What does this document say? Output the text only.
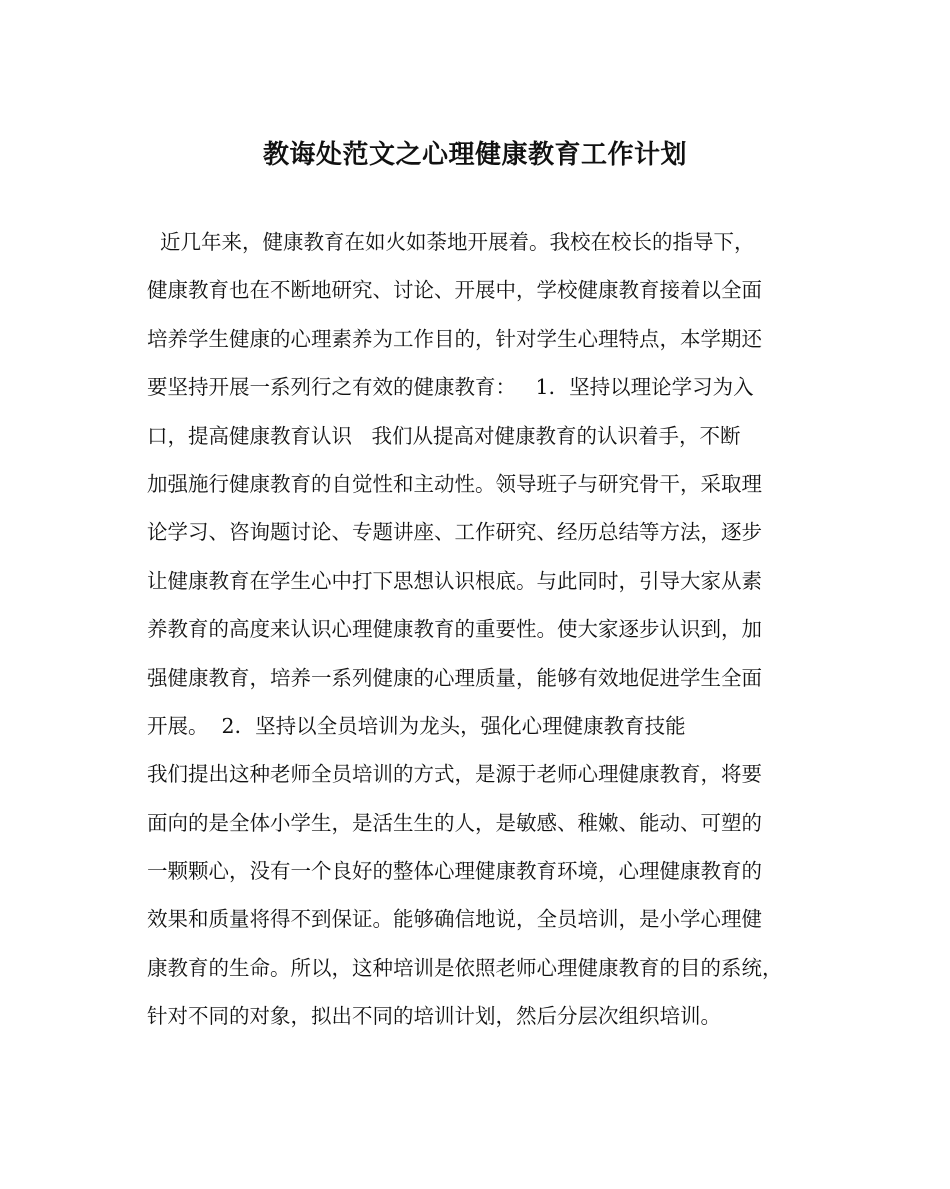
教诲处范文之心理健康教育工作计划
近几年来，健康教育在如火如荼地开展着。我校在校长的指导下，
健康教育也在不断地研究、讨论、开展中，学校健康教育接着以全面
培养学生健康的心理素养为工作目的，针对学生心理特点，本学期还
要坚持开展一系列行之有效的健康教育：   1．坚持以理论学习为入
口，提高健康教育认识   我们从提高对健康教育的认识着手，不断
加强施行健康教育的自觉性和主动性。领导班子与研究骨干，采取理
论学习、咨询题讨论、专题讲座、工作研究、经历总结等方法，逐步
让健康教育在学生心中打下思想认识根底。与此同时，引导大家从素
养教育的高度来认识心理健康教育的重要性。使大家逐步认识到，加
强健康教育，培养一系列健康的心理质量，能够有效地促进学生全面
开展。  2．坚持以全员培训为龙头，强化心理健康教育技能
我们提出这种老师全员培训的方式，是源于老师心理健康教育，将要
面向的是全体小学生，是活生生的人，是敏感、稚嫩、能动、可塑的
一颗颗心，没有一个良好的整体心理健康教育环境，心理健康教育的
效果和质量将得不到保证。能够确信地说，全员培训，是小学心理健
康教育的生命。所以，这种培训是依照老师心理健康教育的目的系统，
针对不同的对象，拟出不同的培训计划，然后分层次组织培训。
